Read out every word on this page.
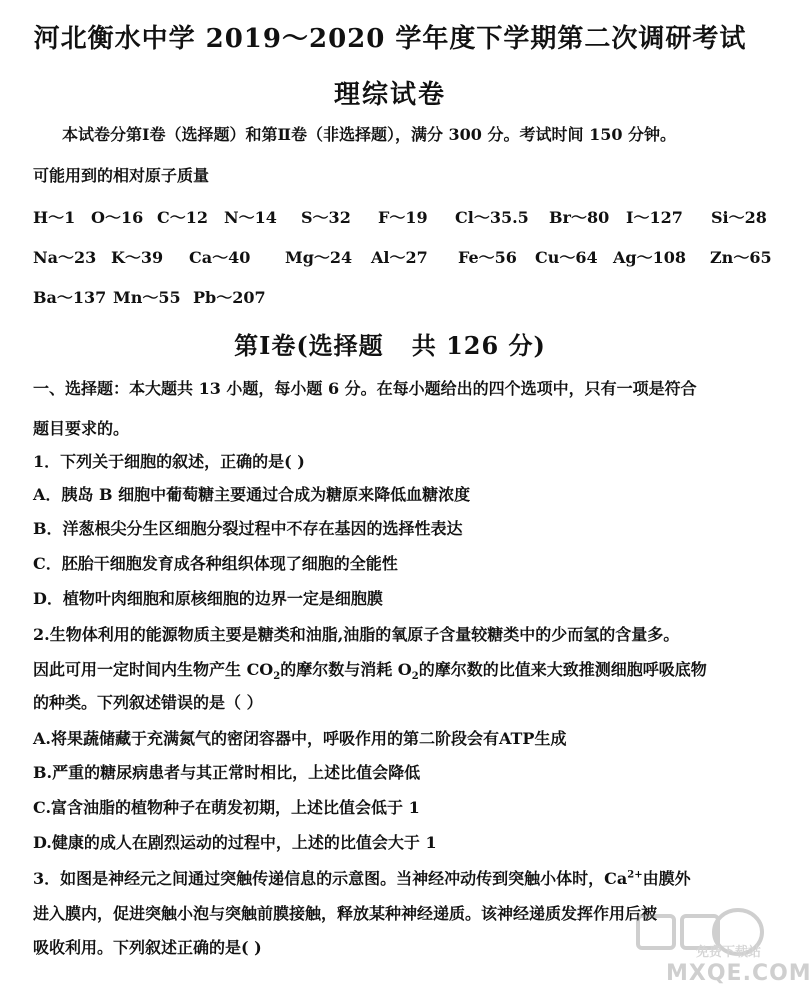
河北衡水中学 2019～2020 学年度下学期第二次调研考试
理综试卷
本试卷分第Ⅰ卷（选择题）和第Ⅱ卷（非选择题），满分 300 分。考试时间 150 分钟。
可能用到的相对原子质量
H～1 O～16 C～12 N～14 S～32 F～19 Cl～35.5 Br～80 I～127 Si～28
Na～23 K～39 Ca～40 Mg～24 Al～27 Fe～56 Cu～64 Ag～108 Zn～65
Ba～137 Mn～55 Pb～207
第Ⅰ卷(选择题   共 126 分)
一、选择题：本大题共 13 小题，每小题 6 分。在每小题给出的四个选项中，只有一项是符合
题目要求的。
1．下列关于细胞的叙述，正确的是( )
A．胰岛 B 细胞中葡萄糖主要通过合成为糖原来降低血糖浓度
B．洋葱根尖分生区细胞分裂过程中不存在基因的选择性表达
C．胚胎干细胞发育成各种组织体现了细胞的全能性
D．植物叶肉细胞和原核细胞的边界一定是细胞膜
2.生物体利用的能源物质主要是糖类和油脂,油脂的氧原子含量较糖类中的少而氢的含量多。
因此可用一定时间内生物产生 $CO_2$的摩尔数与消耗 $O_2$的摩尔数的比值来大致推测细胞呼吸底物
的种类。下列叙述错误的是（ ）
A.将果蔬储藏于充满氮气的密闭容器中，呼吸作用的第二阶段会有ATP生成
B.严重的糖尿病患者与其正常时相比，上述比值会降低
C.富含油脂的植物种子在萌发初期，上述比值会低于 1
D.健康的成人在剧烈运动的过程中，上述的比值会大于 1
3．如图是神经元之间通过突触传递信息的示意图。当神经冲动传到突触小体时，$Ca^{2+}$由膜外
进入膜内，促进突触小泡与突触前膜接触，释放某种神经递质。该神经递质发挥作用后被
吸收利用。下列叙述正确的是( )	免费下载站
MXQE.COM
